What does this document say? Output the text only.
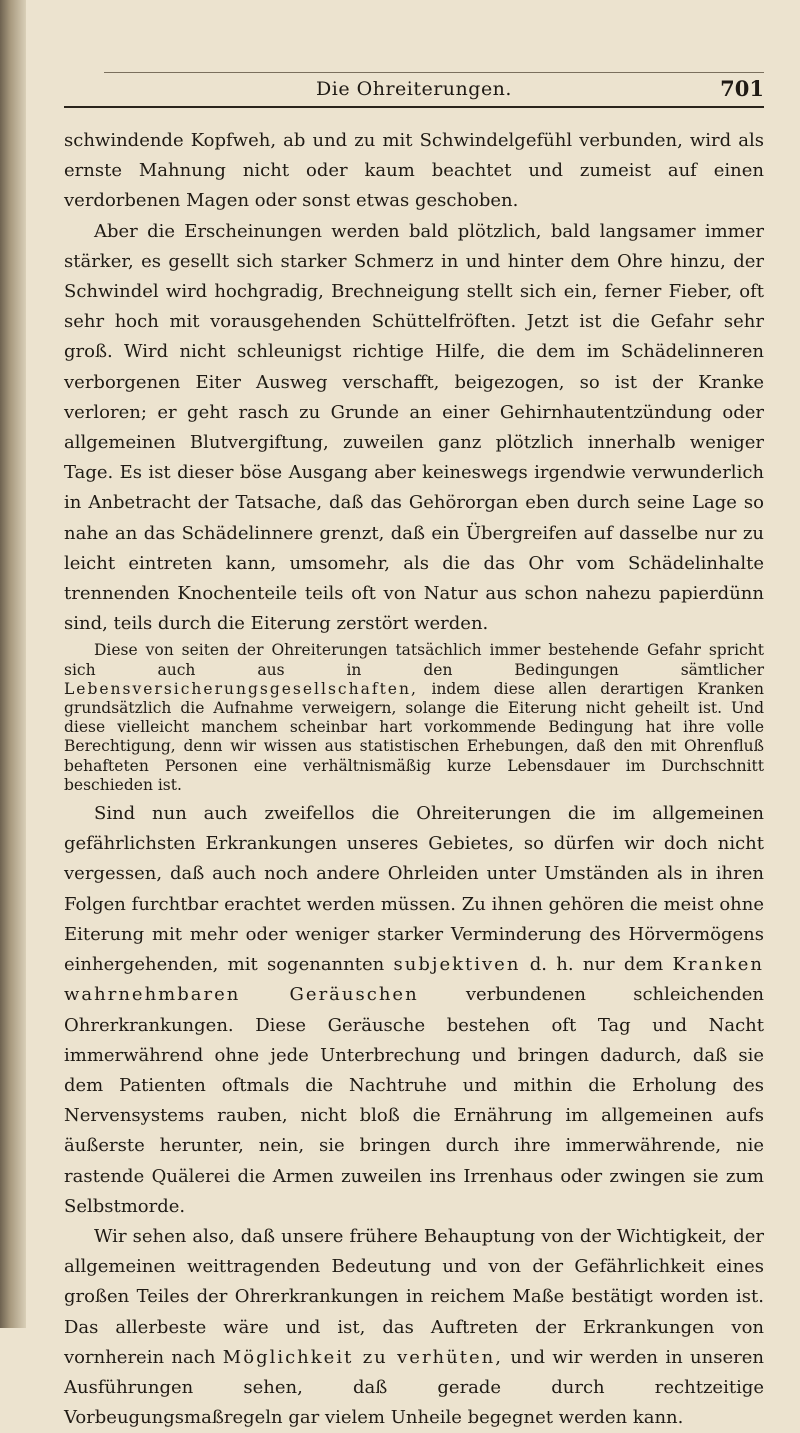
Die Ohreiterungen.	701

schwindende Kopfweh, ab und zu mit Schwindelgefühl verbunden, wird als ernste Mahnung nicht oder kaum beachtet und zumeist auf einen verdorbenen Magen oder sonst etwas geschoben.

Aber die Erscheinungen werden bald plötzlich, bald langsamer immer stärker, es gesellt sich starker Schmerz in und hinter dem Ohre hinzu, der Schwindel wird hochgradig, Brechneigung stellt sich ein, ferner Fieber, oft sehr hoch mit vorausgehenden Schüttelfröften. Jetzt ist die Gefahr sehr groß. Wird nicht schleunigst richtige Hilfe, die dem im Schädelinneren verborgenen Eiter Ausweg verschafft, beigezogen, so ist der Kranke verloren; er geht rasch zu Grunde an einer Gehirnhautentzündung oder allgemeinen Blutvergiftung, zuweilen ganz plötzlich innerhalb weniger Tage. Es ist dieser böse Ausgang aber keineswegs irgendwie verwunderlich in Anbetracht der Tatsache, daß das Gehörorgan eben durch seine Lage so nahe an das Schädelinnere grenzt, daß ein Übergreifen auf dasselbe nur zu leicht eintreten kann, umsomehr, als die das Ohr vom Schädelinhalte trennenden Knochenteile teils oft von Natur aus schon nahezu papierdünn sind, teils durch die Eiterung zerstört werden.

Diese von seiten der Ohreiterungen tatsächlich immer bestehende Gefahr spricht sich auch aus in den Bedingungen sämtlicher Lebensversicherungsgesellschaften, indem diese allen derartigen Kranken grundsätzlich die Aufnahme verweigern, solange die Eiterung nicht geheilt ist. Und diese vielleicht manchem scheinbar hart vorkommende Bedingung hat ihre volle Berechtigung, denn wir wissen aus statistischen Erhebungen, daß den mit Ohrenfluß behafteten Personen eine verhältnismäßig kurze Lebensdauer im Durchschnitt beschieden ist.

Sind nun auch zweifellos die Ohreiterungen die im allgemeinen gefährlichsten Erkrankungen unseres Gebietes, so dürfen wir doch nicht vergessen, daß auch noch andere Ohrleiden unter Umständen als in ihren Folgen furchtbar erachtet werden müssen. Zu ihnen gehören die meist ohne Eiterung mit mehr oder weniger starker Verminderung des Hörvermögens einhergehenden, mit sogenannten subjektiven d. h. nur dem Kranken wahrnehmbaren Geräuschen	verbundenen schleichenden Ohrerkrankungen. Diese Geräusche bestehen oft Tag und Nacht immerwährend ohne jede Unterbrechung und bringen dadurch, daß sie dem Patienten oftmals die Nachtruhe und mithin die Erholung des Nervensystems rauben, nicht bloß die Ernährung im allgemeinen aufs äußerste herunter, nein, sie bringen durch ihre immerwährende, nie rastende Quälerei die Armen zuweilen ins Irrenhaus oder zwingen sie zum Selbstmorde.

Wir sehen also, daß unsere frühere Behauptung von der Wichtigkeit, der allgemeinen weittragenden Bedeutung und von der Gefährlichkeit eines großen Teiles der Ohrerkrankungen in reichem Maße bestätigt worden ist. Das allerbeste wäre und ist, das Auftreten der Erkrankungen von vornherein nach Möglichkeit zu verhüten, und wir werden in unseren Ausführungen sehen, daß gerade durch rechtzeitige Vorbeugungsmaßregeln gar vielem Unheile begegnet werden kann.
